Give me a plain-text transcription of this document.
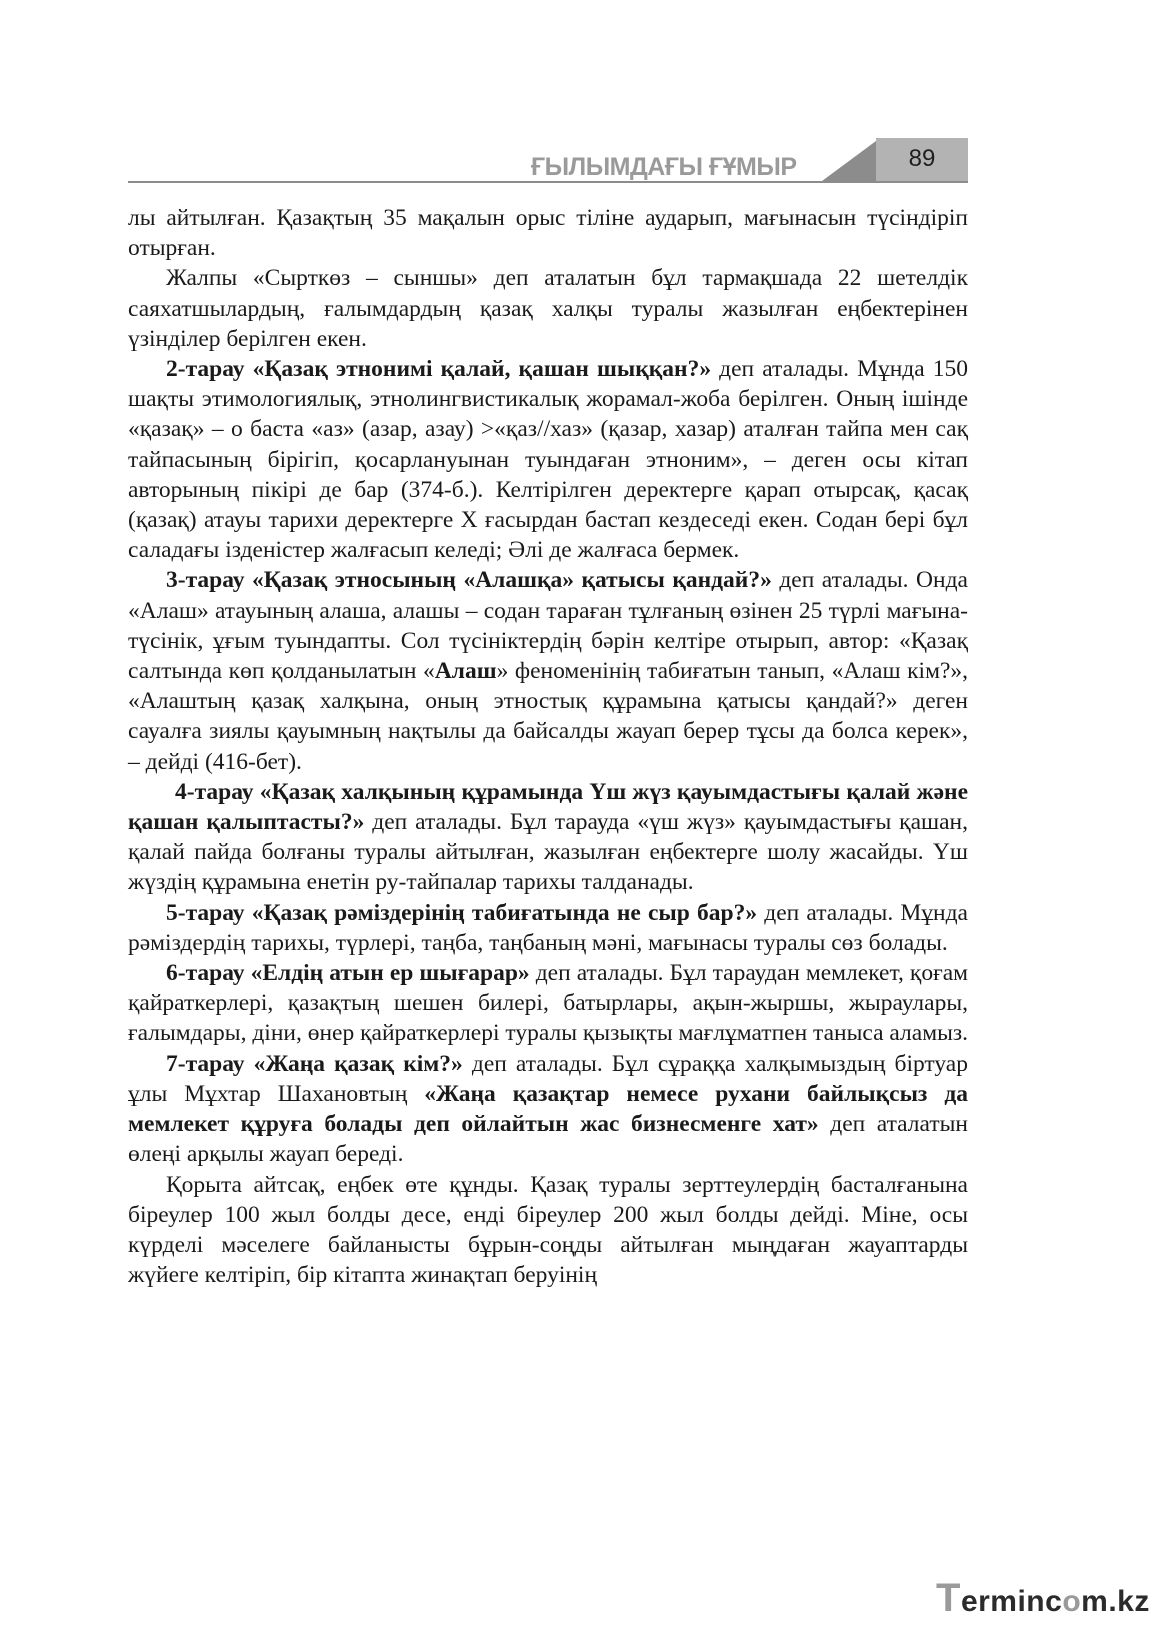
ҒЫЛЫМДАҒЫ ҒҰМЫР	89

лы айтылған. Қазақтың 35 мақалын орыс тіліне аударып, мағынасын түсіндіріп отырған.

Жалпы «Сырткөз – сыншы» деп аталатын бұл тармақшада 22 шетелдік саяхатшылардың, ғалымдардың қазақ халқы туралы жазылған еңбектерінен үзінділер берілген екен.

2-тарау «Қазақ этнонимі қалай, қашан шыққан?» деп аталады. Мұнда 150 шақты этимологиялық, этнолингвистикалық жорамал-жоба берілген. Оның ішінде «қазақ» – о баста «аз» (азар, азау) >«қаз//хаз» (қазар, хазар) аталған тайпа мен сақ тайпасының бірігіп, қосарлануынан туындаған этноним», – деген осы кітап авторының пікірі де бар (374-б.). Келтірілген деректерге қарап отырсақ, қасақ (қазақ) атауы тарихи деректерге Х ғасырдан бастап кездеседі екен. Содан бері бұл саладағы ізденістер жалғасып келеді; Әлі де жалғаса бермек.

3-тарау «Қазақ этносының «Алашқа» қатысы қандай?» деп аталады. Онда «Алаш» атауының алаша, алашы – содан тараған тұлғаның өзінен 25 түрлі мағына-түсінік, ұғым туындапты. Сол түсініктердің бәрін келтіре отырып, автор: «Қазақ салтында көп қолданылатын «Алаш» феноменінің табиғатын танып, «Алаш кім?», «Алаштың қазақ халқына, оның этностық құрамына қатысы қандай?» деген сауалға зиялы қауымның нақтылы да байсалды жауап берер тұсы да болса керек», – дейді (416-бет).

4-тарау «Қазақ халқының құрамында Үш жүз қауымдастығы қалай және қашан қалыптасты?» деп аталады. Бұл тарауда «үш жүз» қауымдастығы қашан, қалай пайда болғаны туралы айтылған, жазылған еңбектерге шолу жасайды. Үш жүздің құрамына енетін ру-тайпалар тарихы талданады.

5-тарау «Қазақ рәміздерінің табиғатында не сыр бар?» деп аталады. Мұнда рәміздердің тарихы, түрлері, таңба, таңбаның мәні, мағынасы туралы сөз болады.

6-тарау «Елдің атын ер шығарар» деп аталады. Бұл тараудан мемлекет, қоғам қайраткерлері, қазақтың шешен билері, батырлары, ақын-жыршы, жыраулары, ғалымдары, діни, өнер қайраткерлері туралы қызықты мағлұматпен таныса аламыз.

7-тарау «Жаңа қазақ кім?» деп аталады. Бұл сұраққа халқымыздың біртуар ұлы Мұхтар Шахановтың «Жаңа қазақтар немесе рухани байлықсыз да мемлекет құруға болады деп ойлайтын жас бизнесменге хат» деп аталатын өлеңі арқылы жауап береді.

Қорыта айтсақ, еңбек өте құнды. Қазақ туралы зерттеулердің басталғанына біреулер 100 жыл болды десе, енді біреулер 200 жыл болды дейді. Міне, осы күрделі мәселеге байланысты бұрын-соңды айтылған мыңдаған жауаптарды жүйеге келтіріп, бір кітапта жинақтап беруінің

Termincom.kz
